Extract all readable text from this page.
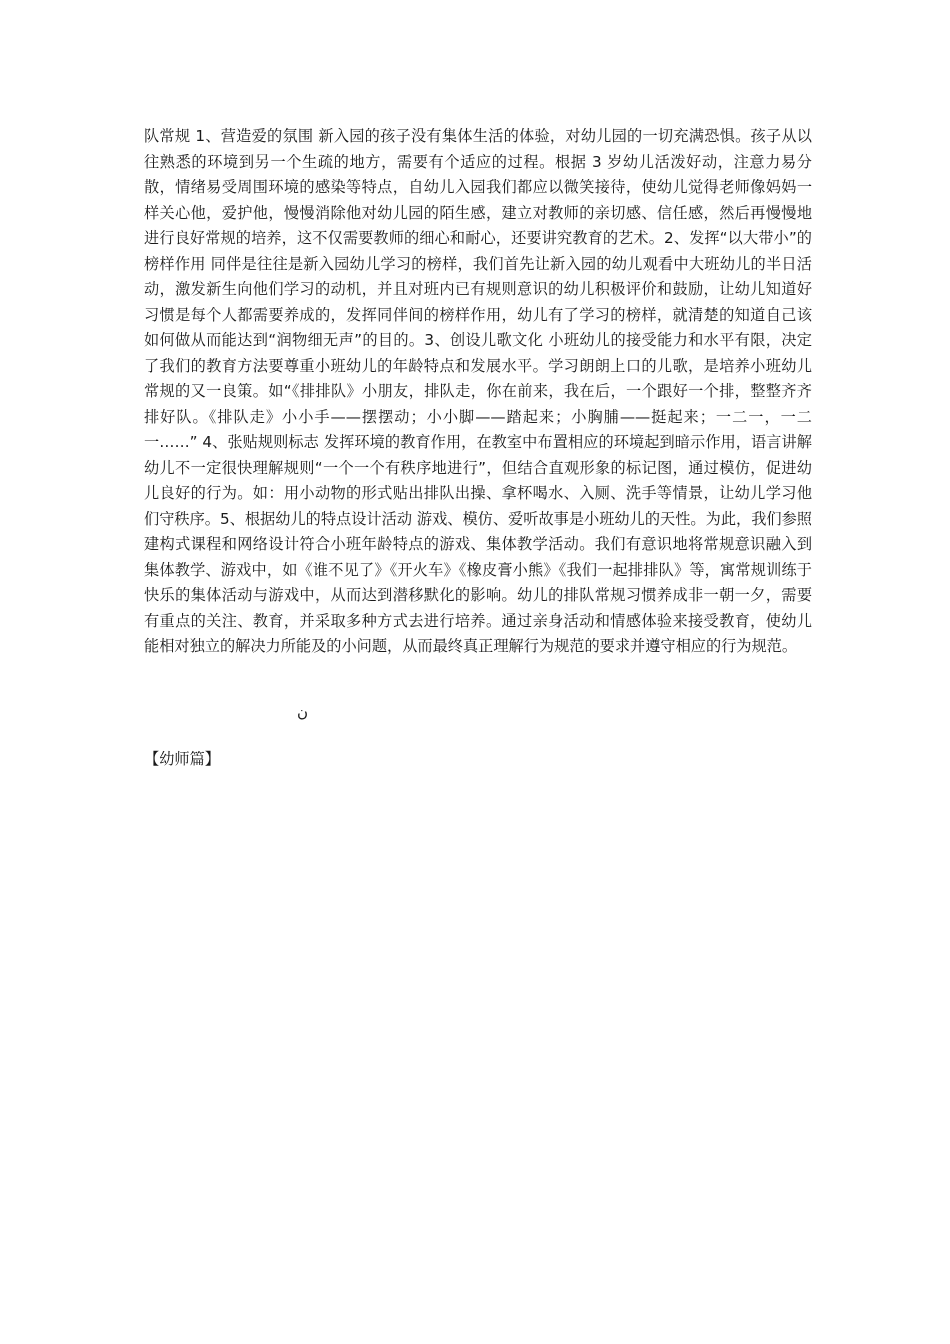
队常规 1、营造爱的氛围 新入园的孩子没有集体生活的体验，对幼儿园的一切充满恐惧。孩子从以往熟悉的环境到另一个生疏的地方，需要有个适应的过程。根据 3 岁幼儿活泼好动，注意力易分散，情绪易受周围环境的感染等特点，自幼儿入园我们都应以微笑接待，使幼儿觉得老师像妈妈一样关心他，爱护他，慢慢消除他对幼儿园的陌生感，建立对教师的亲切感、信任感，然后再慢慢地进行良好常规的培养，这不仅需要教师的细心和耐心，还要讲究教育的艺术。2、发挥“以大带小”的榜样作用 同伴是往往是新入园幼儿学习的榜样，我们首先让新入园的幼儿观看中大班幼儿的半日活动，激发新生向他们学习的动机，并且对班内已有规则意识的幼儿积极评价和鼓励，让幼儿知道好习惯是每个人都需要养成的，发挥同伴间的榜样作用，幼儿有了学习的榜样，就清楚的知道自己该如何做从而能达到“润物细无声”的目的。3、创设儿歌文化 小班幼儿的接受能力和水平有限，决定了我们的教育方法要尊重小班幼儿的年龄特点和发展水平。学习朗朗上口的儿歌，是培养小班幼儿常规的又一良策。如“《排排队》小朋友，排队走，你在前来，我在后，一个跟好一个排，整整齐齐排好队。《排队走》小小手——摆摆动；小小脚——踏起来；小胸脯——挺起来；一二一，一二一……” 4、张贴规则标志 发挥环境的教育作用，在教室中布置相应的环境起到暗示作用，语言讲解幼儿不一定很快理解规则“一个一个有秩序地进行”，但结合直观形象的标记图，通过模仿，促进幼儿良好的行为。如：用小动物的形式贴出排队出操、拿杯喝水、入厕、洗手等情景，让幼儿学习他们守秩序。5、根据幼儿的特点设计活动 游戏、模仿、爱听故事是小班幼儿的天性。为此，我们参照建构式课程和网络设计符合小班年龄特点的游戏、集体教学活动。我们有意识地将常规意识融入到集体教学、游戏中，如《谁不见了》《开火车》《橡皮膏小熊》《我们一起排排队》等，寓常规训练于快乐的集体活动与游戏中，从而达到潜移默化的影响。幼儿的排队常规习惯养成非一朝一夕，需要有重点的关注、教育，并采取多种方式去进行培养。通过亲身活动和情感体验来接受教育，使幼儿能相对独立的解决力所能及的小问题，从而最终真正理解行为规范的要求并遵守相应的行为规范。

ن
【幼师篇】
